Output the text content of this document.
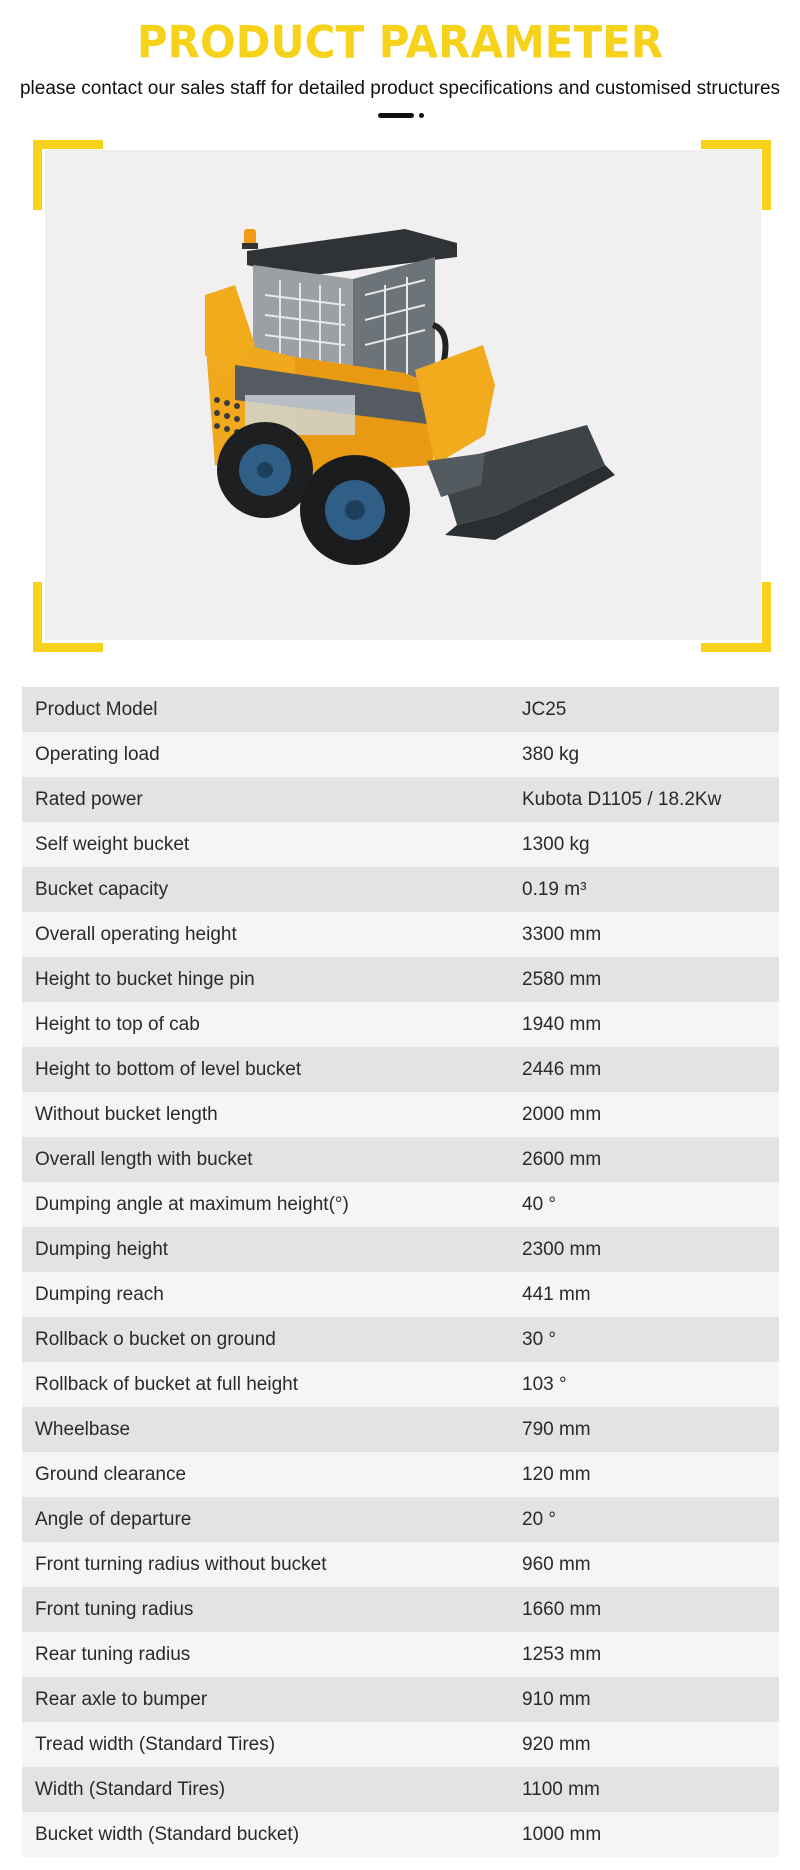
PRODUCT PARAMETER
please contact our sales staff for detailed product specifications and customised structures
Product Model	JC25
Operating load	380 kg
Rated power	Kubota D1105 / 18.2Kw
Self weight bucket	1300 kg
Bucket capacity	0.19 m³
Overall operating height	3300 mm
Height to bucket hinge pin	2580 mm
Height to top of cab	1940 mm
Height to bottom of level bucket	2446 mm
Without bucket length	2000 mm
Overall length with bucket	2600 mm
Dumping angle at maximum height(°)	40 °
Dumping height	2300 mm
Dumping reach	441 mm
Rollback o bucket on ground	30 °
Rollback of bucket at full height	103 °
Wheelbase	790 mm
Ground clearance	120 mm
Angle of departure	20 °
Front turning radius without bucket	960 mm
Front tuning radius	1660 mm
Rear tuning radius	1253 mm
Rear axle to bumper	910 mm
Tread width (Standard Tires)	920 mm
Width (Standard Tires)	1100 mm
Bucket width (Standard bucket)	1000 mm
